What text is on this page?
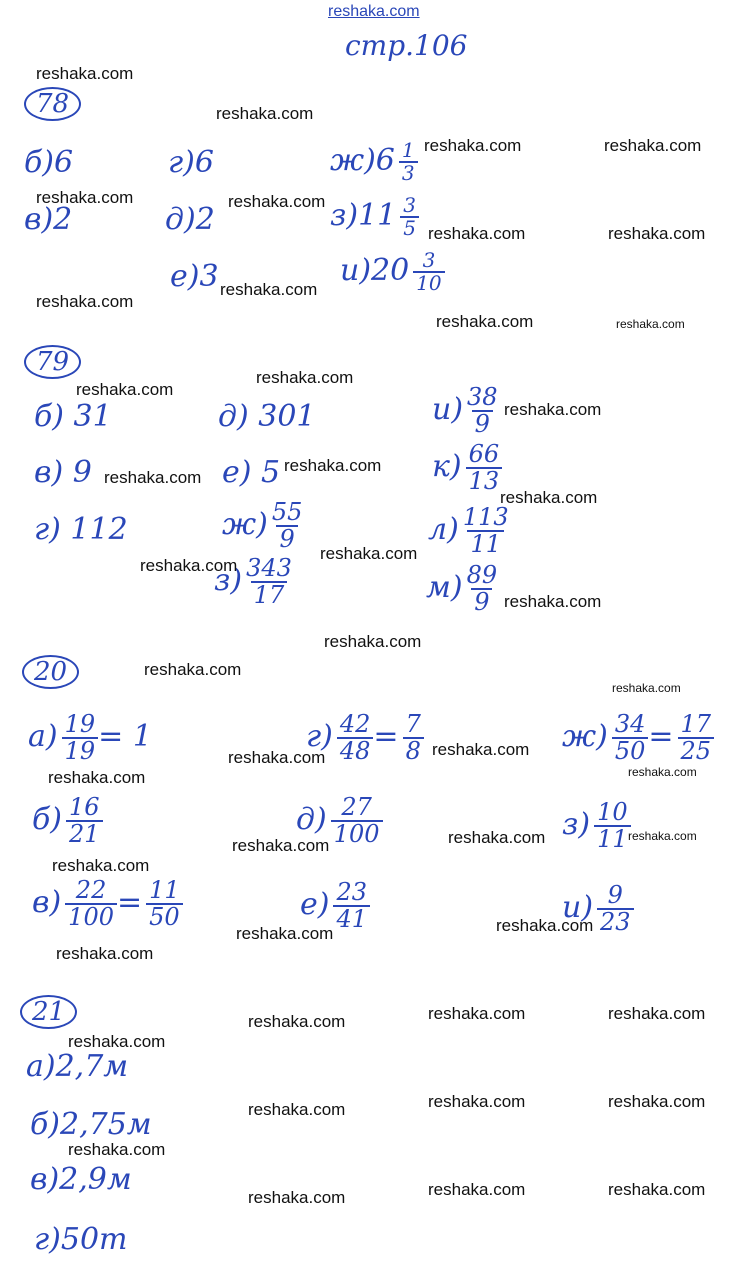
reshaka.com
стр.106
78
б)6	г)6	$ж)6 \frac{1}{3}$
в)2	д)2	$з)11 \frac{3}{5}$
е)3	$и)20 \frac{3}{10}$
79
б) 31	д) 301	$и) \frac{38}{9}$
в) 9	е) 5	$к) \frac{66}{13}$
г) 112	$ж) \frac{55}{9}$	$л) \frac{113}{11}$
$з) \frac{343}{17}$	$м) \frac{89}{9}$
20
$а) \frac{19}{19} = 1$	$г) \frac{42}{48} = \frac{7}{8}$	$ж) \frac{34}{50} = \frac{17}{25}$
$б) \frac{16}{21}$	$д) \frac{27}{100}$	$з) \frac{10}{11}$
$в) \frac{22}{100} = \frac{11}{50}$	$е) \frac{23}{41}$	$и) \frac{9}{23}$
21
а)2,7м
б)2,75м
в)2,9м
г)50т
reshaka.com
reshaka.com
reshaka.com	reshaka.com
reshaka.com	reshaka.com
reshaka.com	reshaka.com
reshaka.com
reshaka.com
reshaka.com	reshaka.com
reshaka.com
reshaka.com
reshaka.com
reshaka.com
reshaka.com
reshaka.com
reshaka.com
reshaka.com
reshaka.com
reshaka.com
reshaka.com
reshaka.com
reshaka.com
reshaka.com
reshaka.com
reshaka.com
reshaka.com	reshaka.com
reshaka.com
reshaka.com
reshaka.com
reshaka.com
reshaka.com
reshaka.com	reshaka.com
reshaka.com
reshaka.com
reshaka.com	reshaka.com
reshaka.com
reshaka.com
reshaka.com	reshaka.com
reshaka.com
